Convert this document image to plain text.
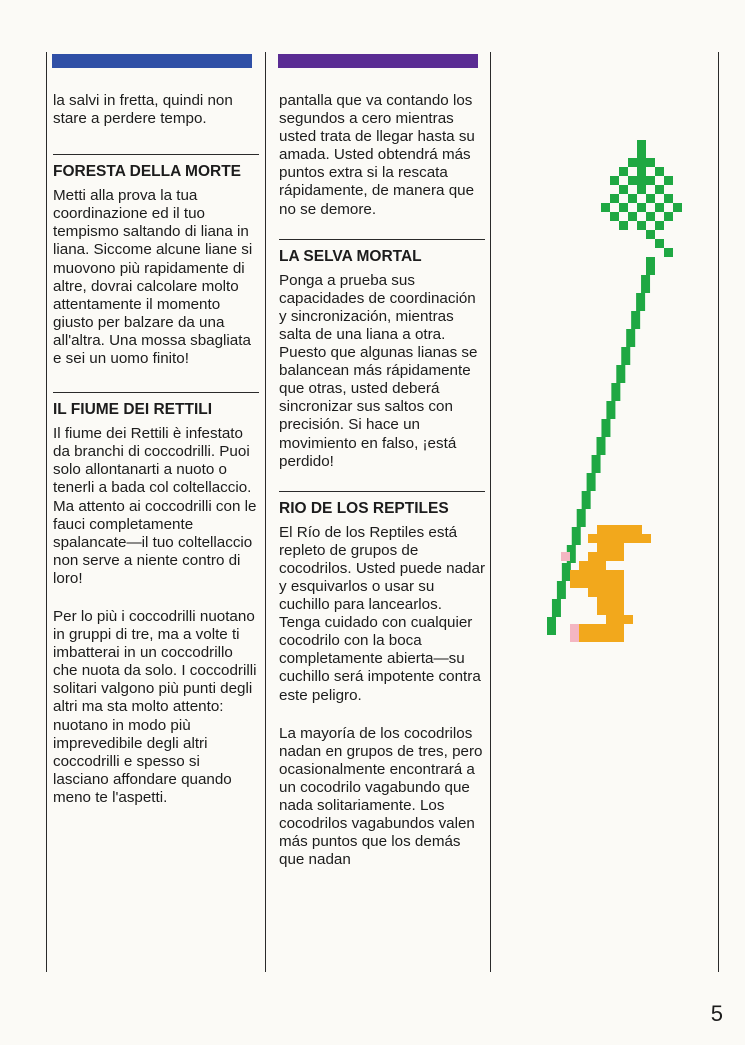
la salvi in fretta, quindi non stare a perdere tempo.

FORESTA DELLA MORTE

Metti alla prova la tua coordinazione ed il tuo tempismo saltando di liana in liana. Siccome alcune liane si muovono più rapidamente di altre, dovrai calcolare molto attentamente il momento giusto per balzare da una all'altra. Una mossa sbagliata e sei un uomo finito!

IL FIUME DEI RETTILI

Il fiume dei Rettili è infestato da branchi di coccodrilli. Puoi solo allontanarti a nuoto o tenerli a bada col coltellaccio. Ma attento ai coccodrilli con le fauci completamente spalancate—il tuo coltellaccio non serve a niente contro di loro!

Per lo più i coccodrilli nuotano in gruppi di tre, ma a volte ti imbatterai in un coccodrillo che nuota da solo. I coccodrilli solitari valgono più punti degli altri ma sta molto attento: nuotano in modo più imprevedibile degli altri coccodrilli e spesso si lasciano affondare quando meno te l'aspetti.

pantalla que va contando los segundos a cero mientras usted trata de llegar hasta su amada. Usted obtendrá más puntos extra si la rescata rápidamente, de manera que no se demore.

LA SELVA MORTAL

Ponga a prueba sus capacidades de coordinación y sincronización, mientras salta de una liana a otra. Puesto que algunas lianas se balancean más rápidamente que otras, usted deberá sincronizar sus saltos con precisión. Si hace un movimiento en falso, ¡está perdido!

RIO DE LOS REPTILES

El Río de los Reptiles está repleto de grupos de cocodrilos. Usted puede nadar y esquivarlos o usar su cuchillo para lancearlos. Tenga cuidado con cualquier cocodrilo con la boca completamente abierta—su cuchillo será impotente contra este peligro.

La mayoría de los cocodrilos nadan en grupos de tres, pero ocasionalmente encontrará a un cocodrilo vagabundo que nada solitariamente. Los cocodrilos vagabundos valen más puntos que los demás que nadan

5
